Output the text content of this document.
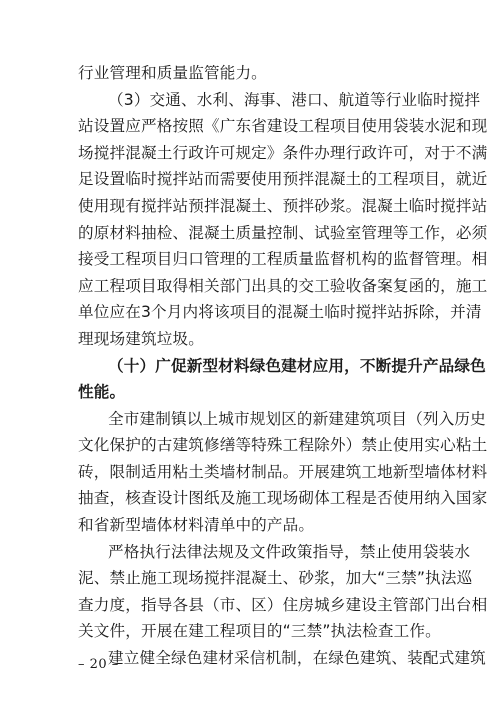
行业管理和质量监管能力。
（3）交通、水利、海事、港口、航道等行业临时搅拌
站设置应严格按照《广东省建设工程项目使用袋装水泥和现
场搅拌混凝土行政许可规定》条件办理行政许可，对于不满
足设置临时搅拌站而需要使用预拌混凝土的工程项目，就近
使用现有搅拌站预拌混凝土、预拌砂浆。混凝土临时搅拌站
的原材料抽检、混凝土质量控制、试验室管理等工作，必须
接受工程项目归口管理的工程质量监督机构的监督管理。相
应工程项目取得相关部门出具的交工验收备案复函的，施工
单位应在3个月内将该项目的混凝土临时搅拌站拆除，并清
理现场建筑垃圾。
（十）广促新型材料绿色建材应用，不断提升产品绿色
性能。
全市建制镇以上城市规划区的新建建筑项目（列入历史
文化保护的古建筑修缮等特殊工程除外）禁止使用实心粘土
砖，限制适用粘土类墙材制品。开展建筑工地新型墙体材料
抽查，核查设计图纸及施工现场砌体工程是否使用纳入国家
和省新型墙体材料清单中的产品。
严格执行法律法规及文件政策指导，禁止使用袋装水
泥、禁止施工现场搅拌混凝土、砂浆，加大“三禁”执法巡
查力度，指导各县（市、区）住房城乡建设主管部门出台相
关文件，开展在建工程项目的“三禁”执法检查工作。
建立健全绿色建材采信机制，在绿色建筑、装配式建筑
– 20 –
